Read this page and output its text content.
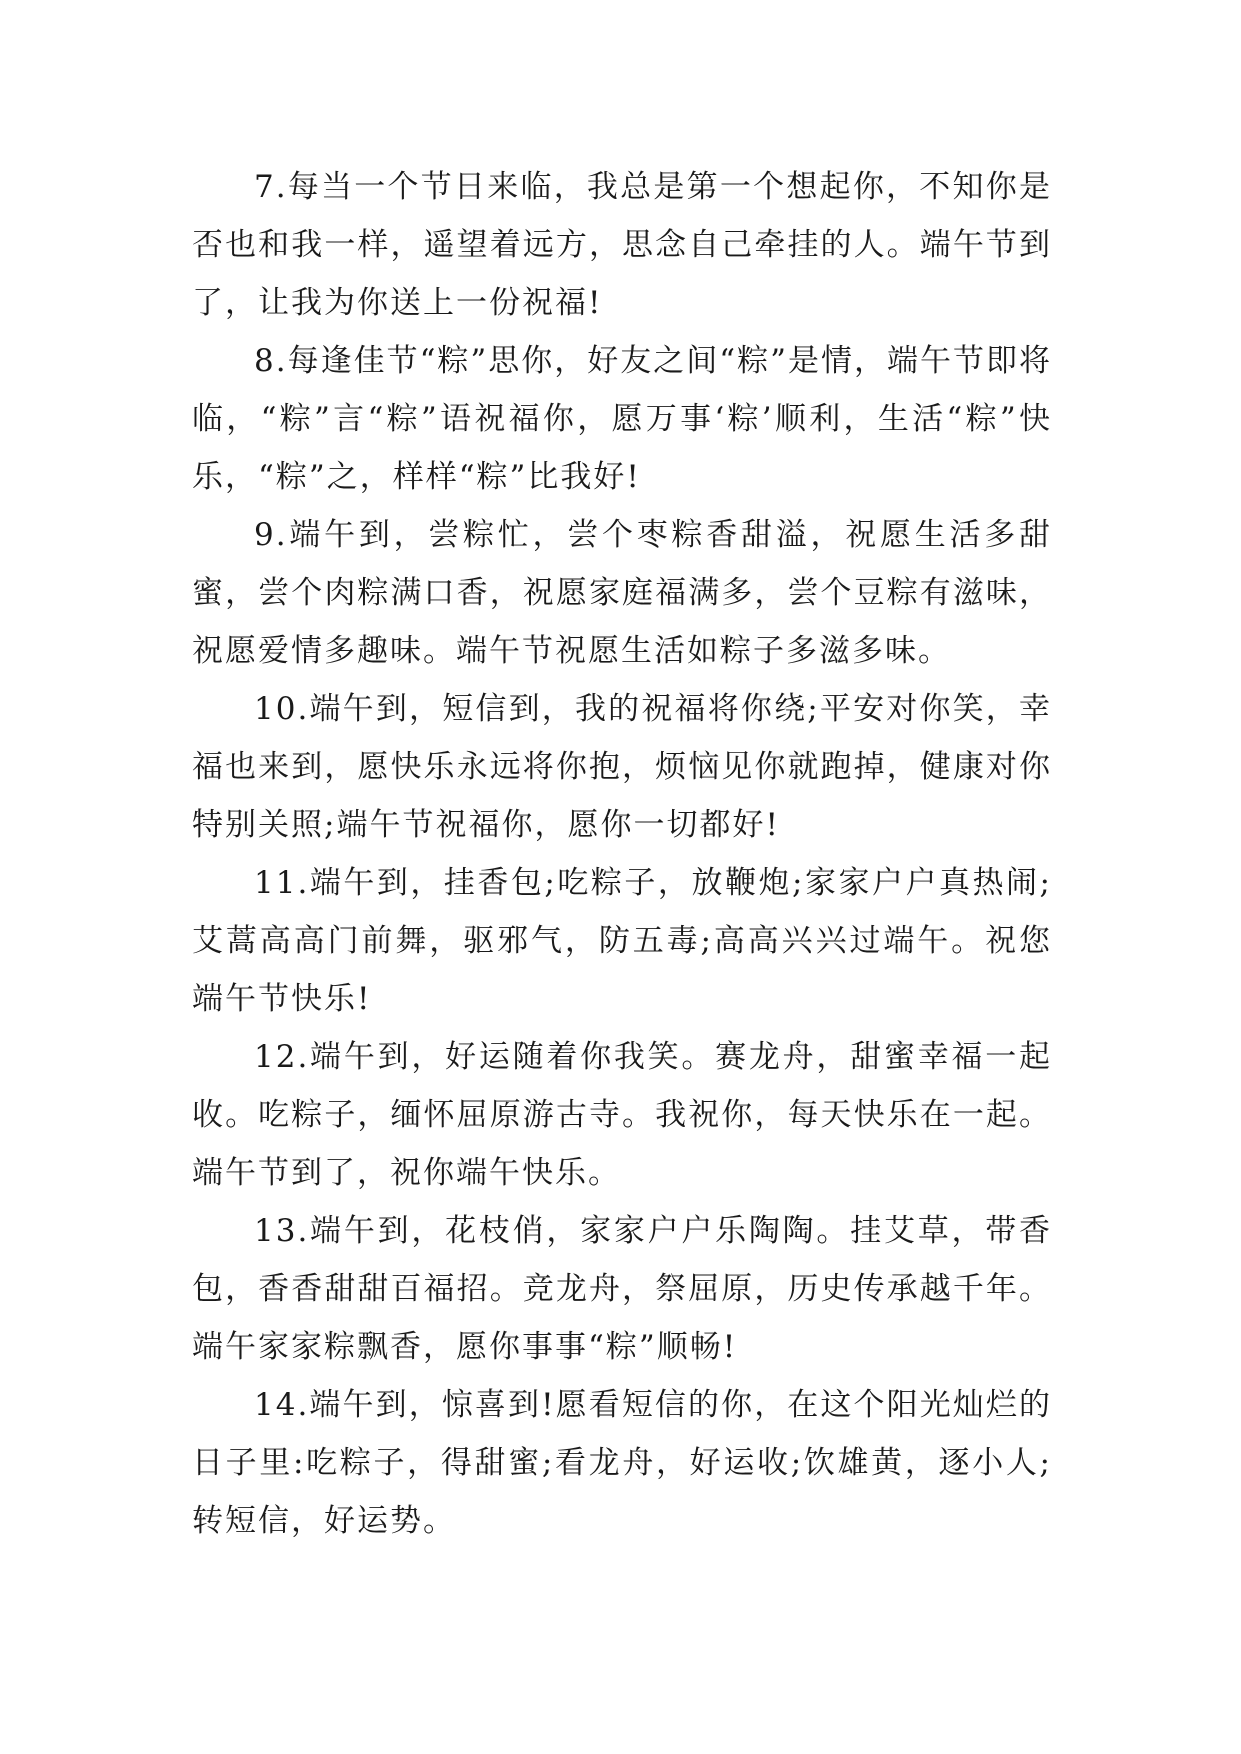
7.每当一个节日来临，我总是第一个想起你，不知你是否也和我一样，遥望着远方，思念自己牵挂的人。端午节到了，让我为你送上一份祝福!

8.每逢佳节“粽”思你，好友之间“粽”是情，端午节即将临，“粽”言“粽”语祝福你，愿万事‘粽’顺利，生活“粽”快乐，“粽”之，样样“粽”比我好!

9.端午到，尝粽忙，尝个枣粽香甜溢，祝愿生活多甜蜜，尝个肉粽满口香，祝愿家庭福满多，尝个豆粽有滋味，祝愿爱情多趣味。端午节祝愿生活如粽子多滋多味。

10.端午到，短信到，我的祝福将你绕;平安对你笑，幸福也来到，愿快乐永远将你抱，烦恼见你就跑掉，健康对你特别关照;端午节祝福你，愿你一切都好!

11.端午到，挂香包;吃粽子，放鞭炮;家家户户真热闹;艾蒿高高门前舞，驱邪气，防五毒;高高兴兴过端午。祝您端午节快乐!

12.端午到，好运随着你我笑。赛龙舟，甜蜜幸福一起收。吃粽子，缅怀屈原游古寺。我祝你，每天快乐在一起。端午节到了，祝你端午快乐。

13.端午到，花枝俏，家家户户乐陶陶。挂艾草，带香包，香香甜甜百福招。竞龙舟，祭屈原，历史传承越千年。端午家家粽飘香，愿你事事“粽”顺畅!

14.端午到，惊喜到!愿看短信的你，在这个阳光灿烂的日子里:吃粽子，得甜蜜;看龙舟，好运收;饮雄黄，逐小人;转短信，好运势。
